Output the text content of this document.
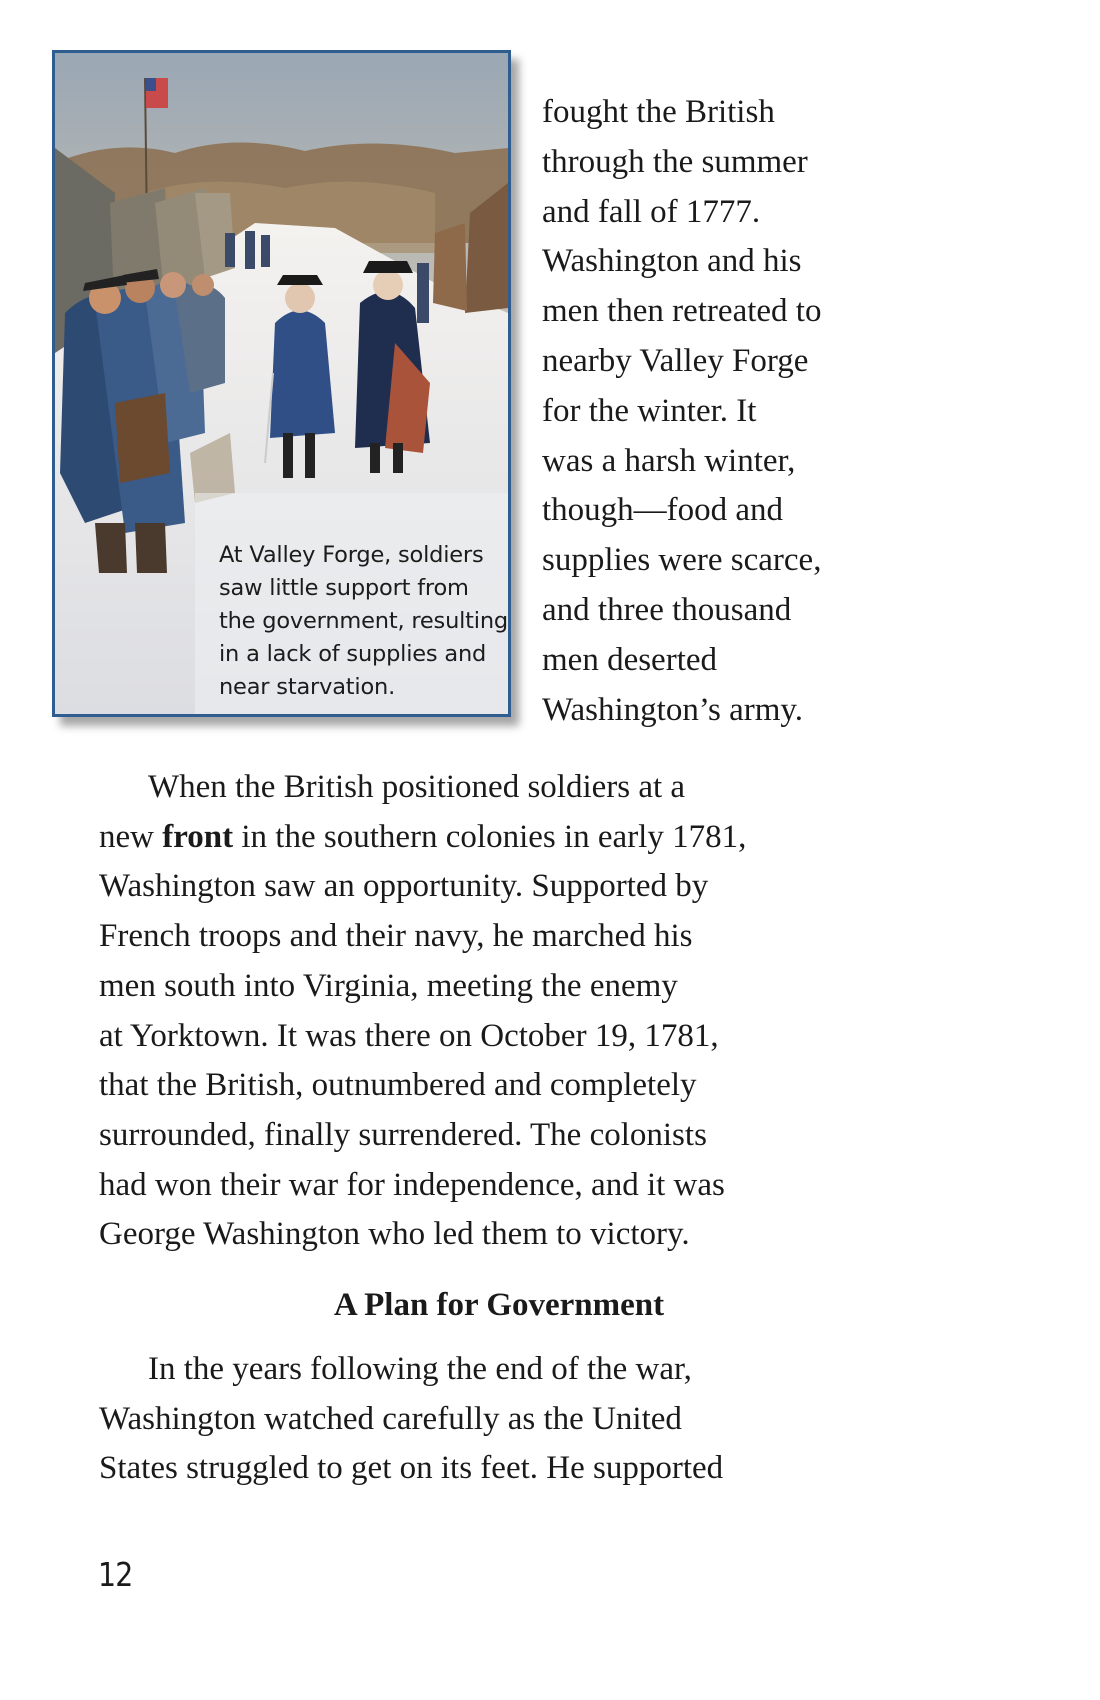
At Valley Forge, soldiers
saw little support from
the government, resulting
in a lack of supplies and
near starvation.
fought the British
through the summer
and fall of 1777.
Washington and his
men then retreated to
nearby Valley Forge
for the winter. It
was a harsh winter,
though—food and
supplies were scarce,
and three thousand
men deserted
Washington’s army.
When the British positioned soldiers at a
new front in the southern colonies in early 1781,
Washington saw an opportunity. Supported by
French troops and their navy, he marched his
men south into Virginia, meeting the enemy
at Yorktown. It was there on October 19, 1781,
that the British, outnumbered and completely
surrounded, finally surrendered. The colonists
had won their war for independence, and it was
George Washington who led them to victory.
A Plan for Government
In the years following the end of the war,
Washington watched carefully as the United
States struggled to get on its feet. He supported
12
